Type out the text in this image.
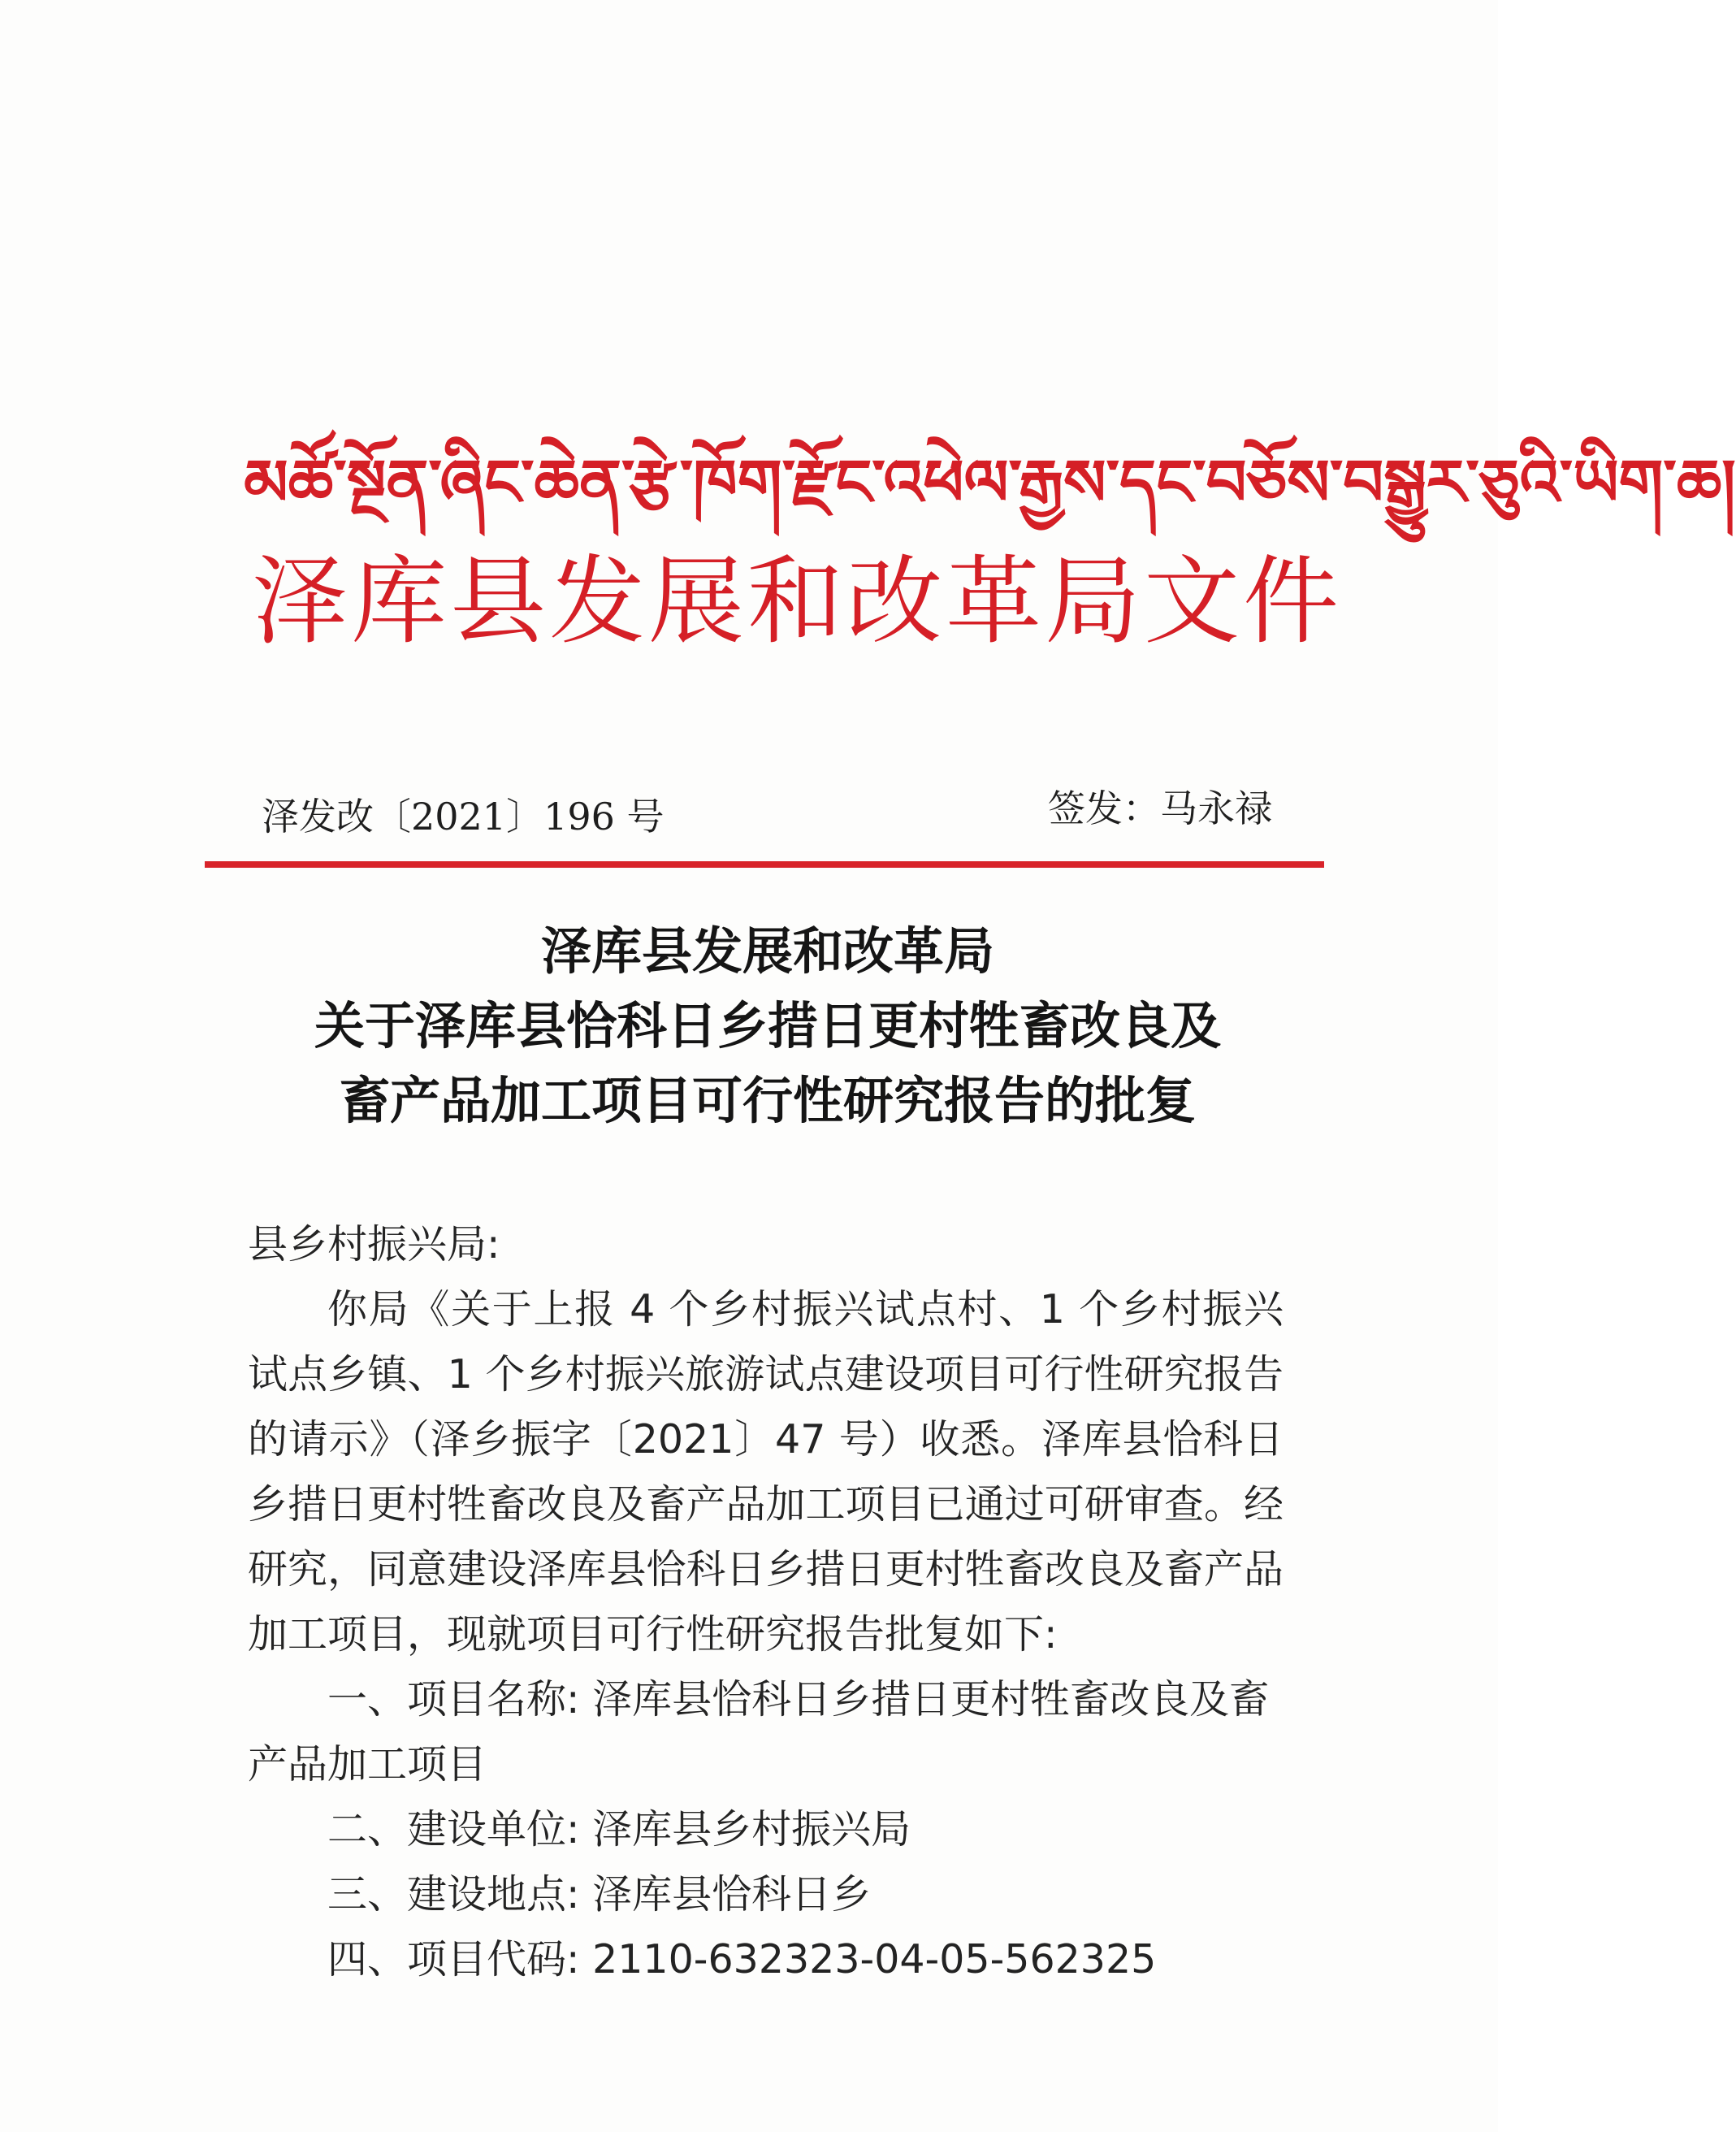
མཚོ་སྔོན་ཞིང་ཆེན་རྩེ་ཁོག་རྫོང་འཕེལ་རྒྱས་དང་བཅོས་བསྒྱུར་ཅུའི་ཡིག་ཆ།
泽库县发展和改革局文件
泽发改〔2021〕196 号	签发：马永禄
泽库县发展和改革局
关于泽库县恰科日乡措日更村牲畜改良及
畜产品加工项目可行性研究报告的批复

县乡村振兴局:

你局《关于上报 4 个乡村振兴试点村、1 个乡村振兴试点乡镇、1 个乡村振兴旅游试点建设项目可行性研究报告的请示》（泽乡振字〔2021〕47 号）收悉。泽库县恰科日乡措日更村牲畜改良及畜产品加工项目已通过可研审查。经研究，同意建设泽库县恰科日乡措日更村牲畜改良及畜产品加工项目，现就项目可行性研究报告批复如下:

一、项目名称: 泽库县恰科日乡措日更村牲畜改良及畜产品加工项目

二、建设单位: 泽库县乡村振兴局

三、建设地点: 泽库县恰科日乡

四、项目代码: 2110-632323-04-05-562325
